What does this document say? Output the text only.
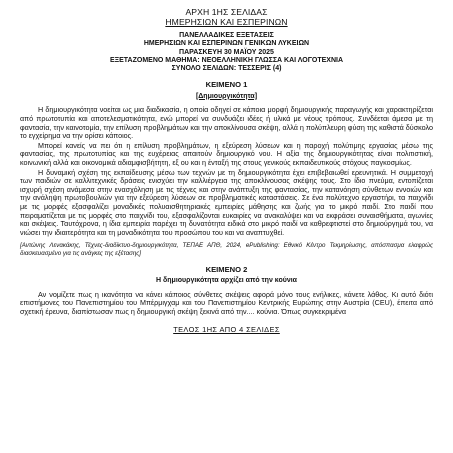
ΑΡΧΗ 1ΗΣ ΣΕΛΙΔΑΣ
ΗΜΕΡΗΣΙΩΝ ΚΑΙ ΕΣΠΕΡΙΝΩΝ
ΠΑΝΕΛΛΑΔΙΚΕΣ ΕΞΕΤΑΣΕΙΣ
ΗΜΕΡΗΣΙΩΝ ΚΑΙ ΕΣΠΕΡΙΝΩΝ ΓΕΝΙΚΩΝ ΛΥΚΕΙΩΝ
ΠΑΡΑΣΚΕΥΗ 30 ΜΑΪΟΥ 2025
ΕΞΕΤΑΖΟΜΕΝΟ ΜΑΘΗΜΑ: ΝΕΟΕΛΛΗΝΙΚΗ ΓΛΩΣΣΑ ΚΑΙ ΛΟΓΟΤΕΧΝΙΑ
ΣΥΝΟΛΟ ΣΕΛΙΔΩΝ: ΤΕΣΣΕΡΙΣ (4)
ΚΕΙΜΕΝΟ 1
[Δημιουργικότητα]

Η δημιουργικότητα νοείται ως μια διαδικασία, η οποία οδηγεί σε κάποια μορφή δημιουργικής παραγωγής και χαρακτηρίζεται από πρωτοτυπία και αποτελεσματικότητα, ενώ μπορεί να συνδυάζει ιδέες ή υλικά με νέους τρόπους. Συνδέεται άμεσα με τη φαντασία, την καινοτομία, την επίλυση προβλημάτων και την αποκλίνουσα σκέψη, αλλά η πολύπλευρη φύση της καθιστά δύσκολο το εγχείρημα να την ορίσει κάποιος.

Μπορεί κανείς να πει ότι η επίλυση προβλημάτων, η εξεύρεση λύσεων και η παροχή πολύτιμης εργασίας μέσω της φαντασίας, της πρωτοτυπίας και της ευχέρειας απαιτούν δημιουργικό νου. Η αξία της δημιουργικότητας είναι πολιτιστική, κοινωνική αλλά και οικονομικά αδιαμφισβήτητη, εξ ου και η ένταξή της στους γενικούς εκπαιδευτικούς στόχους παγκοσμίως.

Η δυναμική σχέση της εκπαίδευσης μέσω των τεχνών με τη δημιουργικότητα έχει επιβεβαιωθεί ερευνητικά. Η συμμετοχή των παιδιών σε καλλιτεχνικές δράσεις ενισχύει την καλλιέργεια της αποκλίνουσας σκέψης τους. Στο ίδιο πνεύμα, εντοπίζεται ισχυρή σχέση ανάμεσα στην ενασχόληση με τις τέχνες και στην ανάπτυξη της φαντασίας, την κατανόηση σύνθετων εννοιών και την ανάληψη πρωτοβουλιών για την εξεύρεση λύσεων σε προβληματικές καταστάσεις. Σε ένα πολύτεχνο εργαστήρι, τα παιχνίδι με τις μορφές εξασφαλίζει μοναδικές πολυαισθητηριακές εμπειρίες μάθησης και ζωής για το μικρό παιδί. Στο παιδί που πειραματίζεται με τις μορφές στο παιχνίδι του, εξασφαλίζονται ευκαιρίες να ανακαλύψει και να εκφράσει συναισθήματα, αγωνίες και σκέψεις. Ταυτόχρονα, η ίδια εμπειρία παρέχει τη δυνατότητα ειδικά στο μικρό παιδί να καθρεφτιστεί στο δημιούργημά του, να νιώσει την ιδιαιτερότητα και τη μοναδικότητα του προσώπου του και να αναπτυχθεί.

[Αντώνης Λενακάκης, Τέχνες-διαδίκτυο-δημιουργικότητα, ΤΕΠΑΕ ΑΠΘ, 2024, ePublishing: Εθνικό Κέντρο Τεκμηρίωσης, απόσπασμα ελαφρώς διασκευασμένο για τις ανάγκες της εξέτασης]
ΚΕΙΜΕΝΟ 2
Η δημιουργικότητα αρχίζει από την κούνια

Αν νομίζετε πως η ικανότητα να κάνει κάποιος σύνθετες σκέψεις αφορά μόνο τους ενήλικες, κάνετε λάθος. Κι αυτό διότι επιστήμονες του Πανεπιστημίου του Μπέρμιγχαμ και του Πανεπιστημίου Κεντρικής Ευρώπης στην Αυστρία (CEU), έπειτα από σχετική έρευνα, διαπίστωσαν πως η δημιουργική σκέψη ξεκινά από την.... κούνια. Όπως συγκεκριμένα

ΤΕΛΟΣ 1ΗΣ ΑΠΟ 4 ΣΕΛΙΔΕΣ
